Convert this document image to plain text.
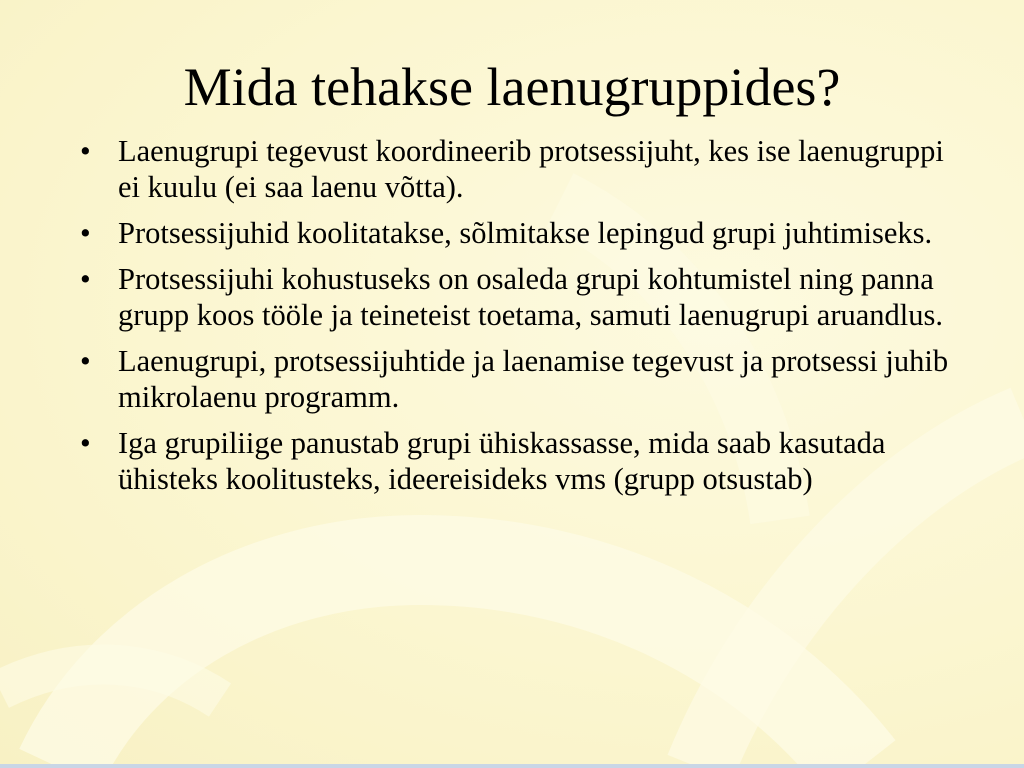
Mida tehakse laenugruppides?
• Laenugrupi tegevust koordineerib protsessijuht, kes ise laenugruppi ei kuulu (ei saa laenu võtta).
• Protsessijuhid koolitatakse, sõlmitakse lepingud grupi juhtimiseks.
• Protsessijuhi kohustuseks on osaleda grupi kohtumistel ning panna grupp koos tööle ja teineteist toetama, samuti laenugrupi aruandlus.
• Laenugrupi, protsessijuhtide ja laenamise tegevust ja protsessi juhib mikrolaenu programm.
• Iga grupiliige panustab grupi ühiskassasse, mida saab kasutada ühisteks koolitusteks, ideereisideks vms (grupp otsustab)
